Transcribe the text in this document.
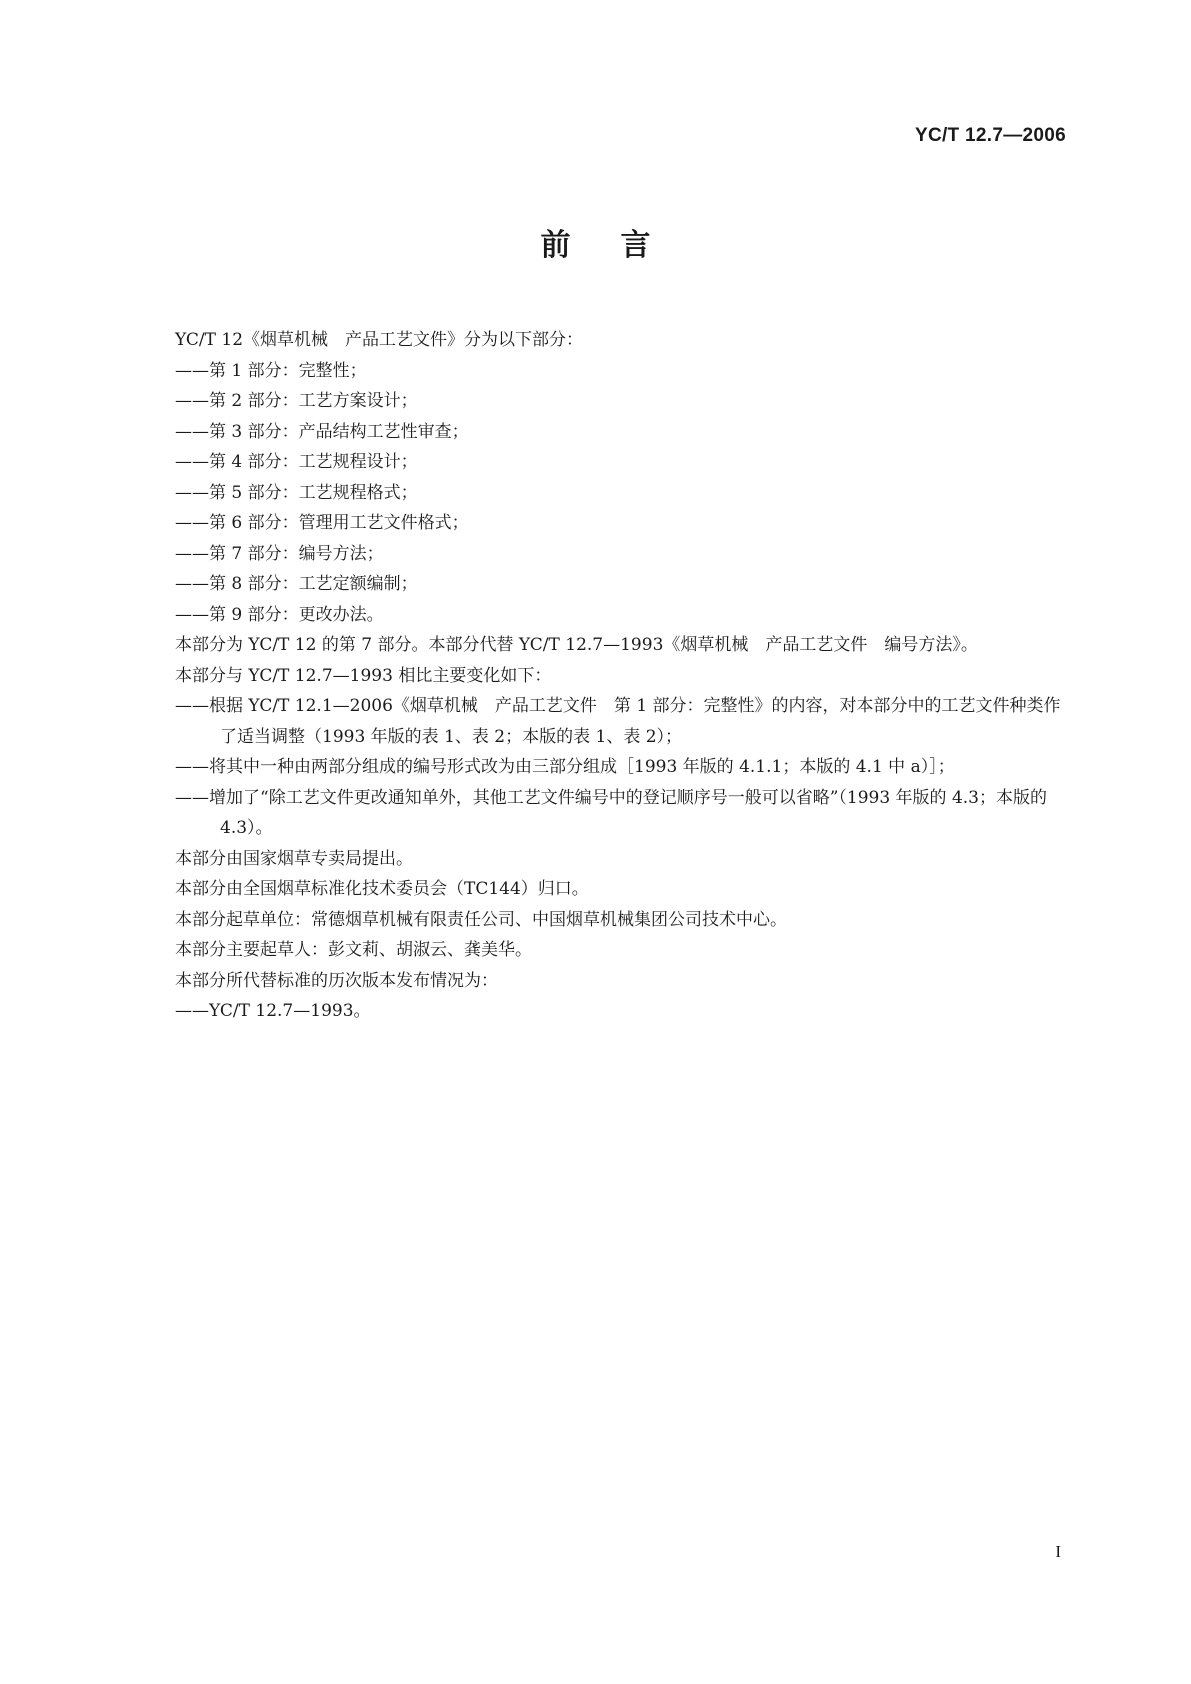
YC/T 12.7—2006
前言

YC/T 12《烟草机械　产品工艺文件》分为以下部分：

——第 1 部分：完整性；

——第 2 部分：工艺方案设计；

——第 3 部分：产品结构工艺性审查；

——第 4 部分：工艺规程设计；

——第 5 部分：工艺规程格式；

——第 6 部分：管理用工艺文件格式；

——第 7 部分：编号方法；

——第 8 部分：工艺定额编制；

——第 9 部分：更改办法。

本部分为 YC/T 12 的第 7 部分。本部分代替 YC/T 12.7—1993《烟草机械　产品工艺文件　编号方法》。

本部分与 YC/T 12.7—1993 相比主要变化如下：

——根据 YC/T 12.1—2006《烟草机械　产品工艺文件　第 1 部分：完整性》的内容，对本部分中的工艺文件种类作了适当调整（1993 年版的表 1、表 2；本版的表 1、表 2）；

——将其中一种由两部分组成的编号形式改为由三部分组成［1993 年版的 4.1.1；本版的 4.1 中 a）］；

——增加了“除工艺文件更改通知单外，其他工艺文件编号中的登记顺序号一般可以省略”（1993 年版的 4.3；本版的 4.3）。

本部分由国家烟草专卖局提出。

本部分由全国烟草标准化技术委员会（TC144）归口。

本部分起草单位：常德烟草机械有限责任公司、中国烟草机械集团公司技术中心。

本部分主要起草人：彭文莉、胡淑云、龚美华。

本部分所代替标准的历次版本发布情况为：

——YC/T 12.7—1993。

I
